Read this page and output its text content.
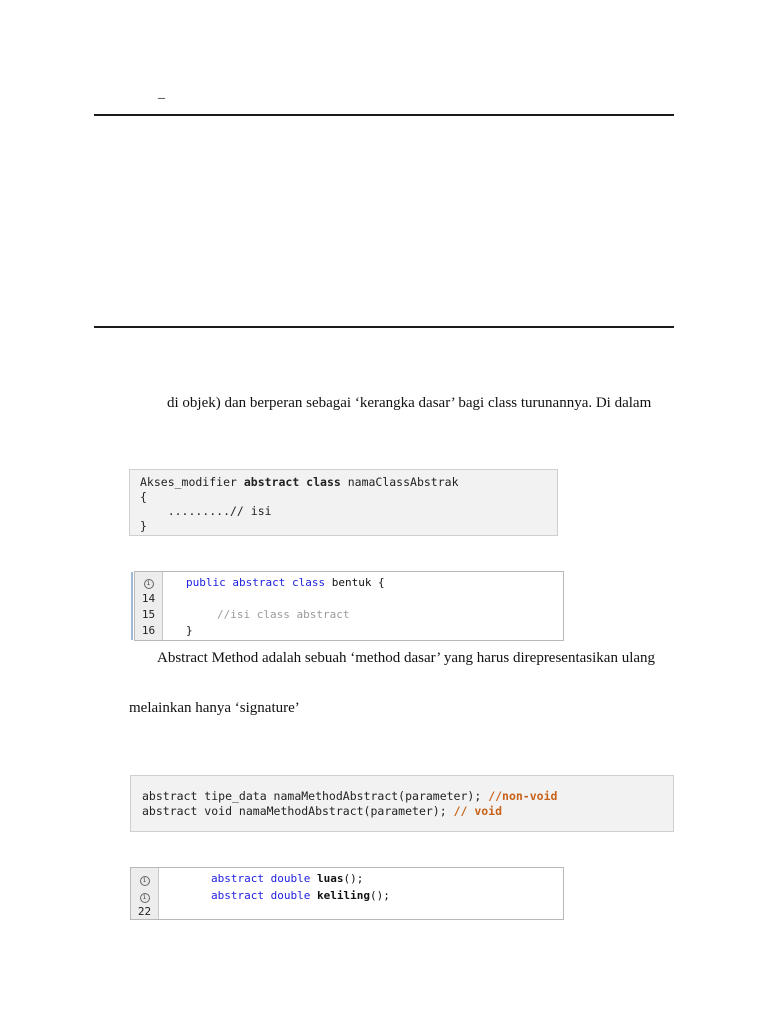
_
di objek) dan berperan sebagai ‘kerangka dasar’ bagi class turunannya. Di dalam
Akses_modifier abstract class namaClassAbstrak
{
.........// isi
}
i
14
15
16
public abstract class bentuk {
//isi class abstract
}
Abstract Method adalah sebuah ‘method dasar’ yang harus direpresentasikan ulang
melainkan hanya ‘signature’
abstract tipe_data namaMethodAbstract(parameter); //non-void
abstract void namaMethodAbstract(parameter); // void
i
i
22
abstract double luas();
abstract double keliling();
